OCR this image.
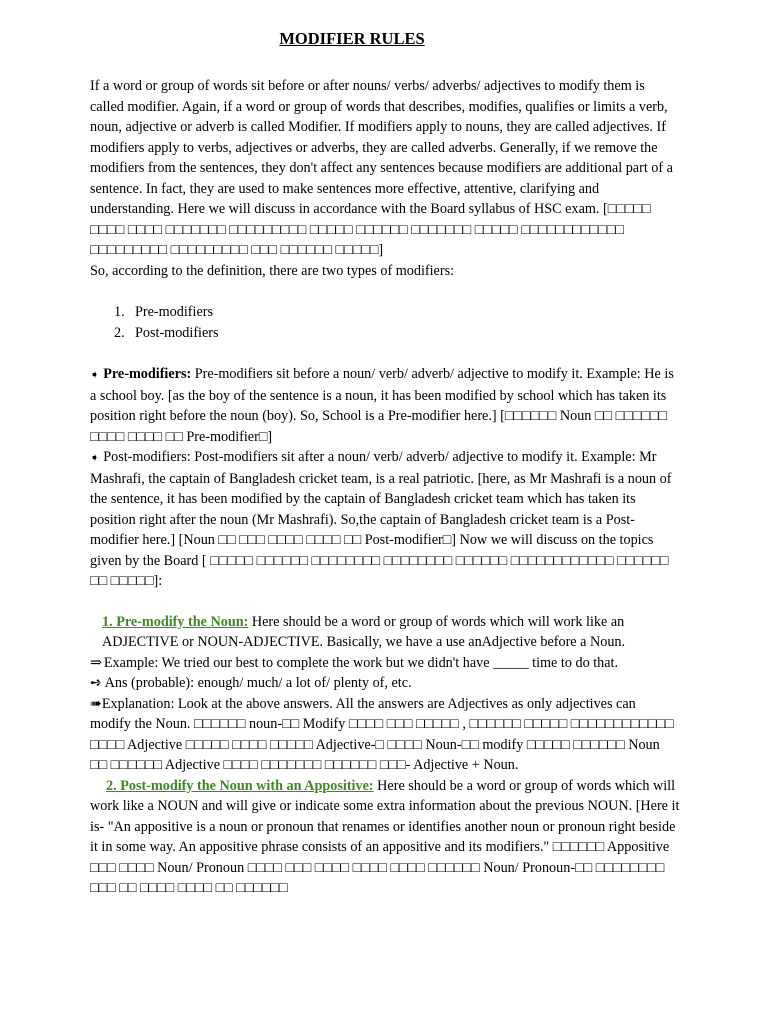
MODIFIER RULES

If a word or group of words sit before or after nouns/ verbs/ adverbs/ adjectives to modify them is called modifier. Again, if a word or group of words that describes, modifies, qualifies or limits a verb, noun, adjective or adverb is called Modifier. If modifiers apply to nouns, they are called adjectives. If modifiers apply to verbs, adjectives or adverbs, they are called adverbs. Generally, if we remove the modifiers from the sentences, they don't affect any sentences because modifiers are additional part of a sentence. In fact, they are used to make sentences more effective, attentive, clarifying and understanding. Here we will discuss in accordance with the Board syllabus of HSC exam. [□□□□□ □□□□ □□□□ □□□□□□□ □□□□□□□□□ □□□□□ □□□□□□ □□□□□□□ □□□□□ □□□□□□□□□□□□ □□□□□□□□□ □□□□□□□□□ □□□ □□□□□□ □□□□□]

So, according to the definition, there are two types of modifiers:

1. Pre-modifiers
2. Post-modifiers

➧ Pre-modifiers: Pre-modifiers sit before a noun/ verb/ adverb/ adjective to modify it. Example: He is a school boy. [as the boy of the sentence is a noun, it has been modified by school which has taken its position right before the noun (boy). So, School is a Pre-modifier here.] [□□□□□□ Noun □□ □□□□□□ □□□□ □□□□ □□ Pre-modifier□]

➧ Post-modifiers: Post-modifiers sit after a noun/ verb/ adverb/ adjective to modify it. Example: Mr Mashrafi, the captain of Bangladesh cricket team, is a real patriotic. [here, as Mr Mashrafi is a noun of the sentence, it has been modified by the captain of Bangladesh cricket team which has taken its position right after the noun (Mr Mashrafi). So,the captain of Bangladesh cricket team is a Post-modifier here.] [Noun □□ □□□ □□□□ □□□□ □□ Post-modifier□] Now we will discuss on the topics given by the Board [ □□□□□ □□□□□□ □□□□□□□□ □□□□□□□□ □□□□□□ □□□□□□□□□□□□ □□□□□□ □□ □□□□□]:

1. Pre-modify the Noun: Here should be a word or group of words which will work like an ADJECTIVE or NOUN-ADJECTIVE. Basically, we have a use anAdjective before a Noun.

⇒ Example: We tried our best to complete the work but we didn't have _____ time to do that.

➺ Ans (probable): enough/ much/ a lot of/ plenty of, etc.

➠Explanation: Look at the above answers. All the answers are Adjectives as only adjectives can modify the Noun. □□□□□□ noun-□□ Modify □□□□ □□□ □□□□□ , □□□□□□ □□□□□ □□□□□□□□□□□□ □□□□ Adjective □□□□□ □□□□ □□□□□ Adjective-□ □□□□ Noun-□□ modify □□□□□ □□□□□□ Noun □□ □□□□□□ Adjective □□□□ □□□□□□□ □□□□□□ □□□- Adjective + Noun.

2. Post-modify the Noun with an Appositive: Here should be a word or group of words which will work like a NOUN and will give or indicate some extra information about the previous NOUN. [Here it is- "An appositive is a noun or pronoun that renames or identifies another noun or pronoun right beside it in some way. An appositive phrase consists of an appositive and its modifiers." □□□□□□ Appositive □□□ □□□□ Noun/ Pronoun □□□□ □□□ □□□□ □□□□ □□□□ □□□□□□ Noun/ Pronoun-□□ □□□□□□□□ □□□ □□ □□□□ □□□□ □□ □□□□□□
